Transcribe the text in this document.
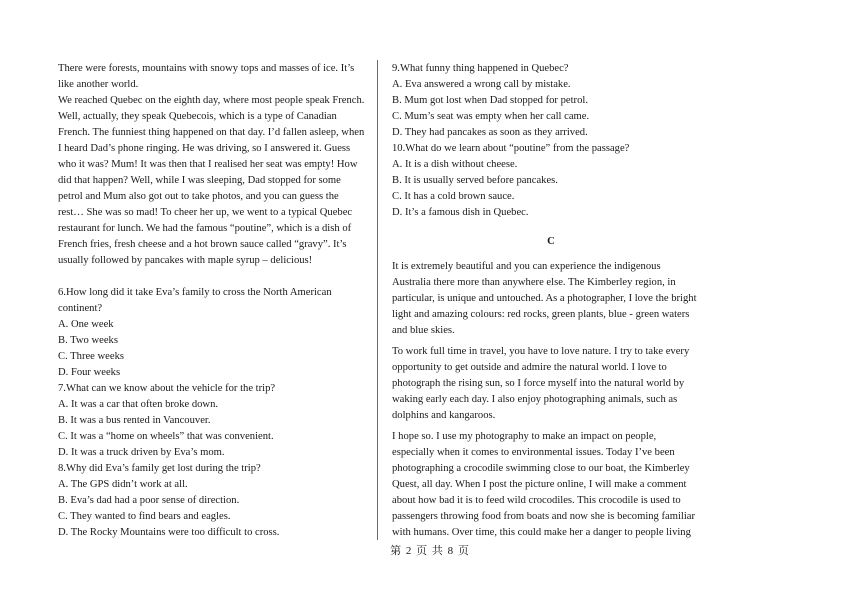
There were forests, mountains with snowy tops and masses of ice. It’s
like another world.
We reached Quebec on the eighth day, where most people speak French.
Well, actually, they speak Quebecois, which is a type of Canadian
French. The funniest thing happened on that day. I’d fallen asleep, when
I heard Dad’s phone ringing. He was driving, so I answered it. Guess
who it was? Mum! It was then that I realised her seat was empty! How
did that happen? Well, while I was sleeping, Dad stopped for some
petrol and Mum also got out to take photos, and you can guess the
rest… She was so mad! To cheer her up, we went to a typical Quebec
restaurant for lunch. We had the famous “poutine”, which is a dish of
French fries, fresh cheese and a hot brown sauce called “gravy”. It’s
usually followed by pancakes with maple syrup – delicious!
6.How long did it take Eva’s family to cross the North American
continent?
A. One week
B. Two weeks
C. Three weeks
D. Four weeks
7.What can we know about the vehicle for the trip?
A. It was a car that often broke down.
B. It was a bus rented in Vancouver.
C. It was a “home on wheels” that was convenient.
D. It was a truck driven by Eva’s mom.
8.Why did Eva’s family get lost during the trip?
A. The GPS didn’t work at all.
B. Eva’s dad had a poor sense of direction.
C. They wanted to find bears and eagles.
D. The Rocky Mountains were too difficult to cross.
9.What funny thing happened in Quebec?
A. Eva answered a wrong call by mistake.
B. Mum got lost when Dad stopped for petrol.
C. Mum’s seat was empty when her call came.
D. They had pancakes as soon as they arrived.
10.What do we learn about “poutine” from the passage?
A. It is a dish without cheese.
B. It is usually served before pancakes.
C. It has a cold brown sauce.
D. It’s a famous dish in Quebec.
C
It is extremely beautiful and you can experience the indigenous
Australia there more than anywhere else. The Kimberley region, in
particular, is unique and untouched. As a photographer, I love the bright
light and amazing colours: red rocks, green plants, blue - green waters
and blue skies.
To work full time in travel, you have to love nature. I try to take every
opportunity to get outside and admire the natural world. I love to
photograph the rising sun, so I force myself into the natural world by
waking early each day. I also enjoy photographing animals, such as
dolphins and kangaroos.
I hope so. I use my photography to make an impact on people,
especially when it comes to environmental issues. Today I’ve been
photographing a crocodile swimming close to our boat, the Kimberley
Quest, all day. When I post the picture online, I will make a comment
about how bad it is to feed wild crocodiles. This crocodile is used to
passengers throwing food from boats and now she is becoming familiar
with humans. Over time, this could make her a danger to people living
第 2 页 共 8 页
